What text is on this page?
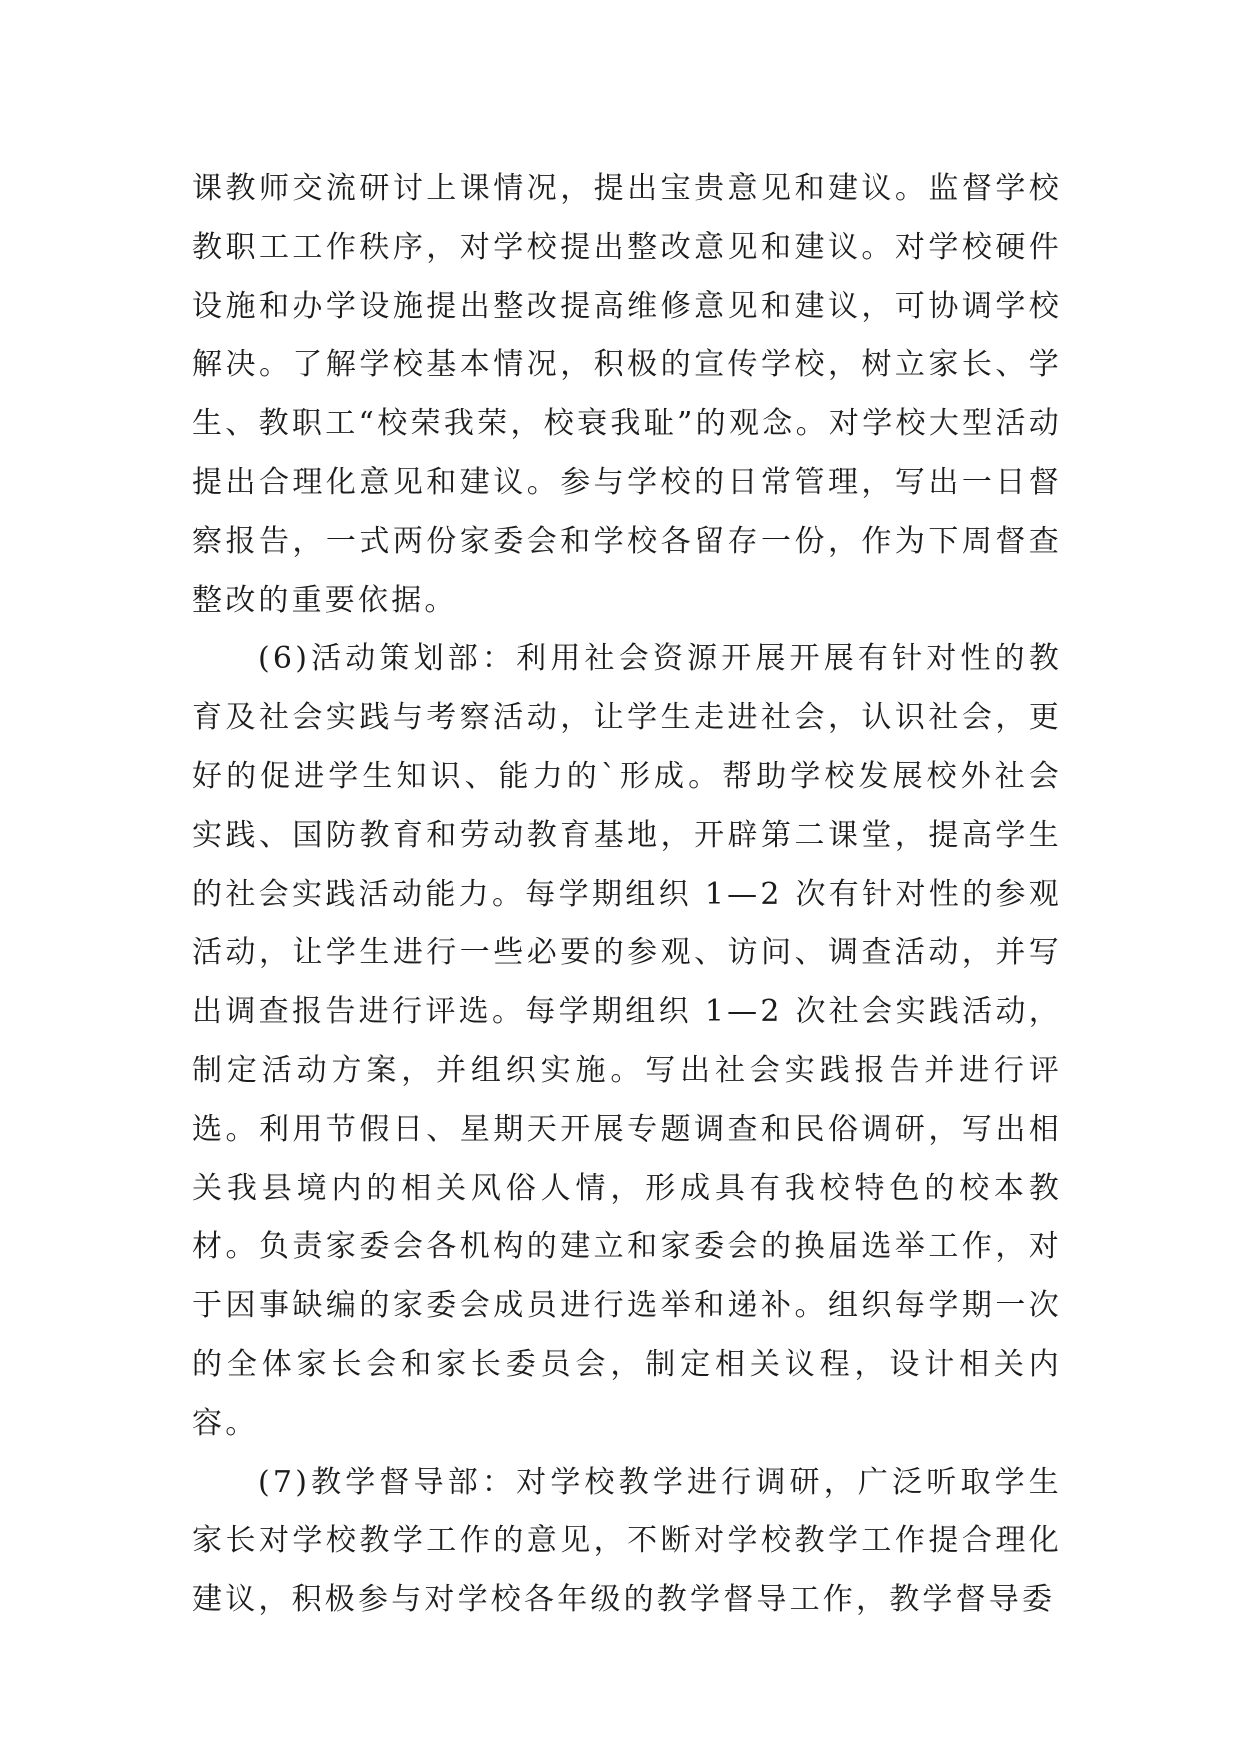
课教师交流研讨上课情况，提出宝贵意见和建议。监督学校教职工工作秩序，对学校提出整改意见和建议。对学校硬件设施和办学设施提出整改提高维修意见和建议，可协调学校解决。了解学校基本情况，积极的宣传学校，树立家长、学生、教职工“校荣我荣，校衰我耻”的观念。对学校大型活动提出合理化意见和建议。参与学校的日常管理，写出一日督察报告，一式两份家委会和学校各留存一份，作为下周督查整改的重要依据。

(6)活动策划部：利用社会资源开展开展有针对性的教育及社会实践与考察活动，让学生走进社会，认识社会，更好的促进学生知识、能力的`形成。帮助学校发展校外社会实践、国防教育和劳动教育基地，开辟第二课堂，提高学生的社会实践活动能力。每学期组织 1—2 次有针对性的参观活动，让学生进行一些必要的参观、访问、调查活动，并写出调查报告进行评选。每学期组织 1—2 次社会实践活动，制定活动方案，并组织实施。写出社会实践报告并进行评选。利用节假日、星期天开展专题调查和民俗调研，写出相关我县境内的相关风俗人情，形成具有我校特色的校本教材。负责家委会各机构的建立和家委会的换届选举工作，对于因事缺编的家委会成员进行选举和递补。组织每学期一次的全体家长会和家长委员会，制定相关议程，设计相关内容。

(7)教学督导部：对学校教学进行调研，广泛听取学生家长对学校教学工作的意见，不断对学校教学工作提合理化建议，积极参与对学校各年级的教学督导工作，教学督导委
